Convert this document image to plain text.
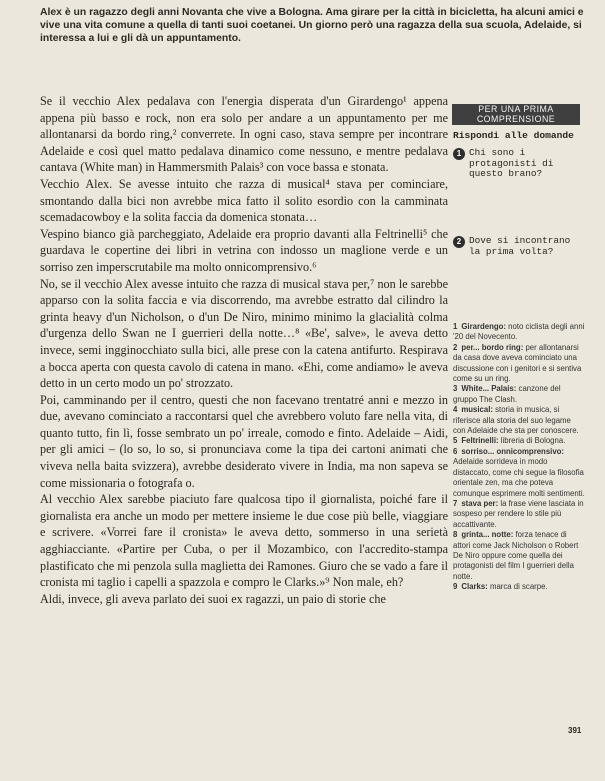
Alex è un ragazzo degli anni Novanta che vive a Bologna. Ama girare per la città in bicicletta, ha alcuni amici e vive una vita comune a quella di tanti suoi coetanei. Un giorno però una ragazza della sua scuola, Adelaide, si interessa a lui e gli dà un appuntamento.

Se il vecchio Alex pedalava con l'energia disperata d'un Girardengo¹ appena appena più basso e rock, non era solo per andare a un appuntamento per me allontanarsi da bordo ring,² converrete. In ogni caso, stava sempre per incontrare Adelaide e così quel matto pedalava dinamico come nessuno, e mentre pedalava cantava (White man) in Hammersmith Palais³ con voce bassa e stonata.

Vecchio Alex. Se avesse intuito che razza di musical⁴ stava per cominciare, smontando dalla bici non avrebbe mica fatto il solito esordio con la camminata scemadacowboy e la solita faccia da domenica stonata…

Vespino bianco già parcheggiato, Adelaide era proprio davanti alla Feltrinelli⁵ che guardava le copertine dei libri in vetrina con indosso un maglione verde e un sorriso zen imperscrutabile ma molto onnicomprensivo.⁶

No, se il vecchio Alex avesse intuito che razza di musical stava per,⁷ non le sarebbe apparso con la solita faccia e via discorrendo, ma avrebbe estratto dal cilindro la grinta heavy d'un Nicholson, o d'un De Niro, minimo minimo la glacialità colma d'urgenza dello Swan ne I guerrieri della notte…⁸ «Be', salve», le aveva detto invece, semi ingginocchiato sulla bici, alle prese con la catena antifurto. Respirava a bocca aperta con questa cavolo di catena in mano. «Ehi, come andiamo» le aveva detto in un certo modo un po' strozzato.

Poi, camminando per il centro, questi che non facevano trentatré anni e mezzo in due, avevano cominciato a raccontarsi quel che avrebbero voluto fare nella vita, di quanto tutto, fin lì, fosse sembrato un po' irreale, comodo e finto. Adelaide – Aidi, per gli amici – (lo so, lo so, si pronunciava come la tipa dei cartoni animati che viveva nella baita svizzera), avrebbe desiderato vivere in India, ma non sapeva se come missionaria o fotografa o.

Al vecchio Alex sarebbe piaciuto fare qualcosa tipo il giornalista, poiché fare il giornalista era anche un modo per mettere insieme le due cose più belle, viaggiare e scrivere. «Vorrei fare il cronista» le aveva detto, sommerso in una serietà agghiacciante. «Partire per Cuba, o per il Mozambico, con l'accredito-stampa plastificato che mi penzola sulla maglietta dei Ramones. Giuro che se vado a fare il cronista mi taglio i capelli a spazzola e compro le Clarks.»⁹ Non male, eh?

Aldi, invece, gli aveva parlato dei suoi ex ragazzi, un paio di storie che

PER UNA PRIMA
COMPRENSIONE
Rispondi alle domande
1 Chi sono i protagonisti di questo brano?
2 Dove si incontrano la prima volta?
1 Girardengo: noto ciclista degli anni '20 del Novecento.
2 per... bordo ring: per allontanarsi da casa dove aveva cominciato una discussione con i genitori e si sentiva come su un ring.
3 White... Palais: canzone del gruppo The Clash.
4 musical: storia in musica, si riferisce alla storia del suo legame con Adelaide che sta per conoscere.
5 Feltrinelli: libreria di Bologna.
6 sorriso... onnicomprensivo: Adelaide sorrideva in modo distaccato, come chi segue la filosofia orientale zen, ma che poteva comunque esprimere molti sentimenti.
7 stava per: la frase viene lasciata in sospeso per rendere lo stile più accattivante.
8 grinta... notte: forza tenace di attori come Jack Nicholson o Robert De Niro oppure come quella dei protagonisti del film I guerrieri della notte.
9 Clarks: marca di scarpe.
391
